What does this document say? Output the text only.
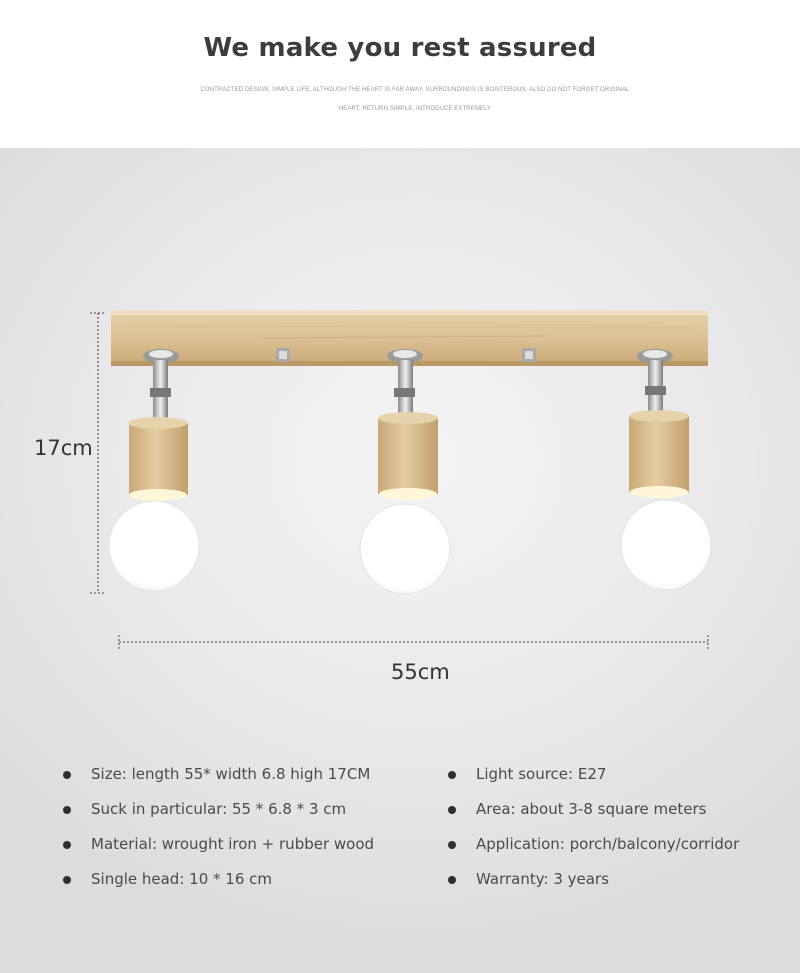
We make you rest assured
CONTRACTED DESIGN, SIMPLE LIFE, ALTHOUGH THE HEART IS FAR AWAY, SURROUNDINGS IS BOISTEROUS, ALSO DO NOT FORGET ORIGINAL
HEART, RETURN SIMPLE, INTRODUCE EXTREMELY
17cm
55cm
Size: length 55* width 6.8 high 17CM
Suck in particular: 55 * 6.8 * 3 cm
Material: wrought iron + rubber wood
Single head: 10 * 16 cm
Light source: E27
Area: about 3-8 square meters
Application: porch/balcony/corridor
Warranty: 3 years
